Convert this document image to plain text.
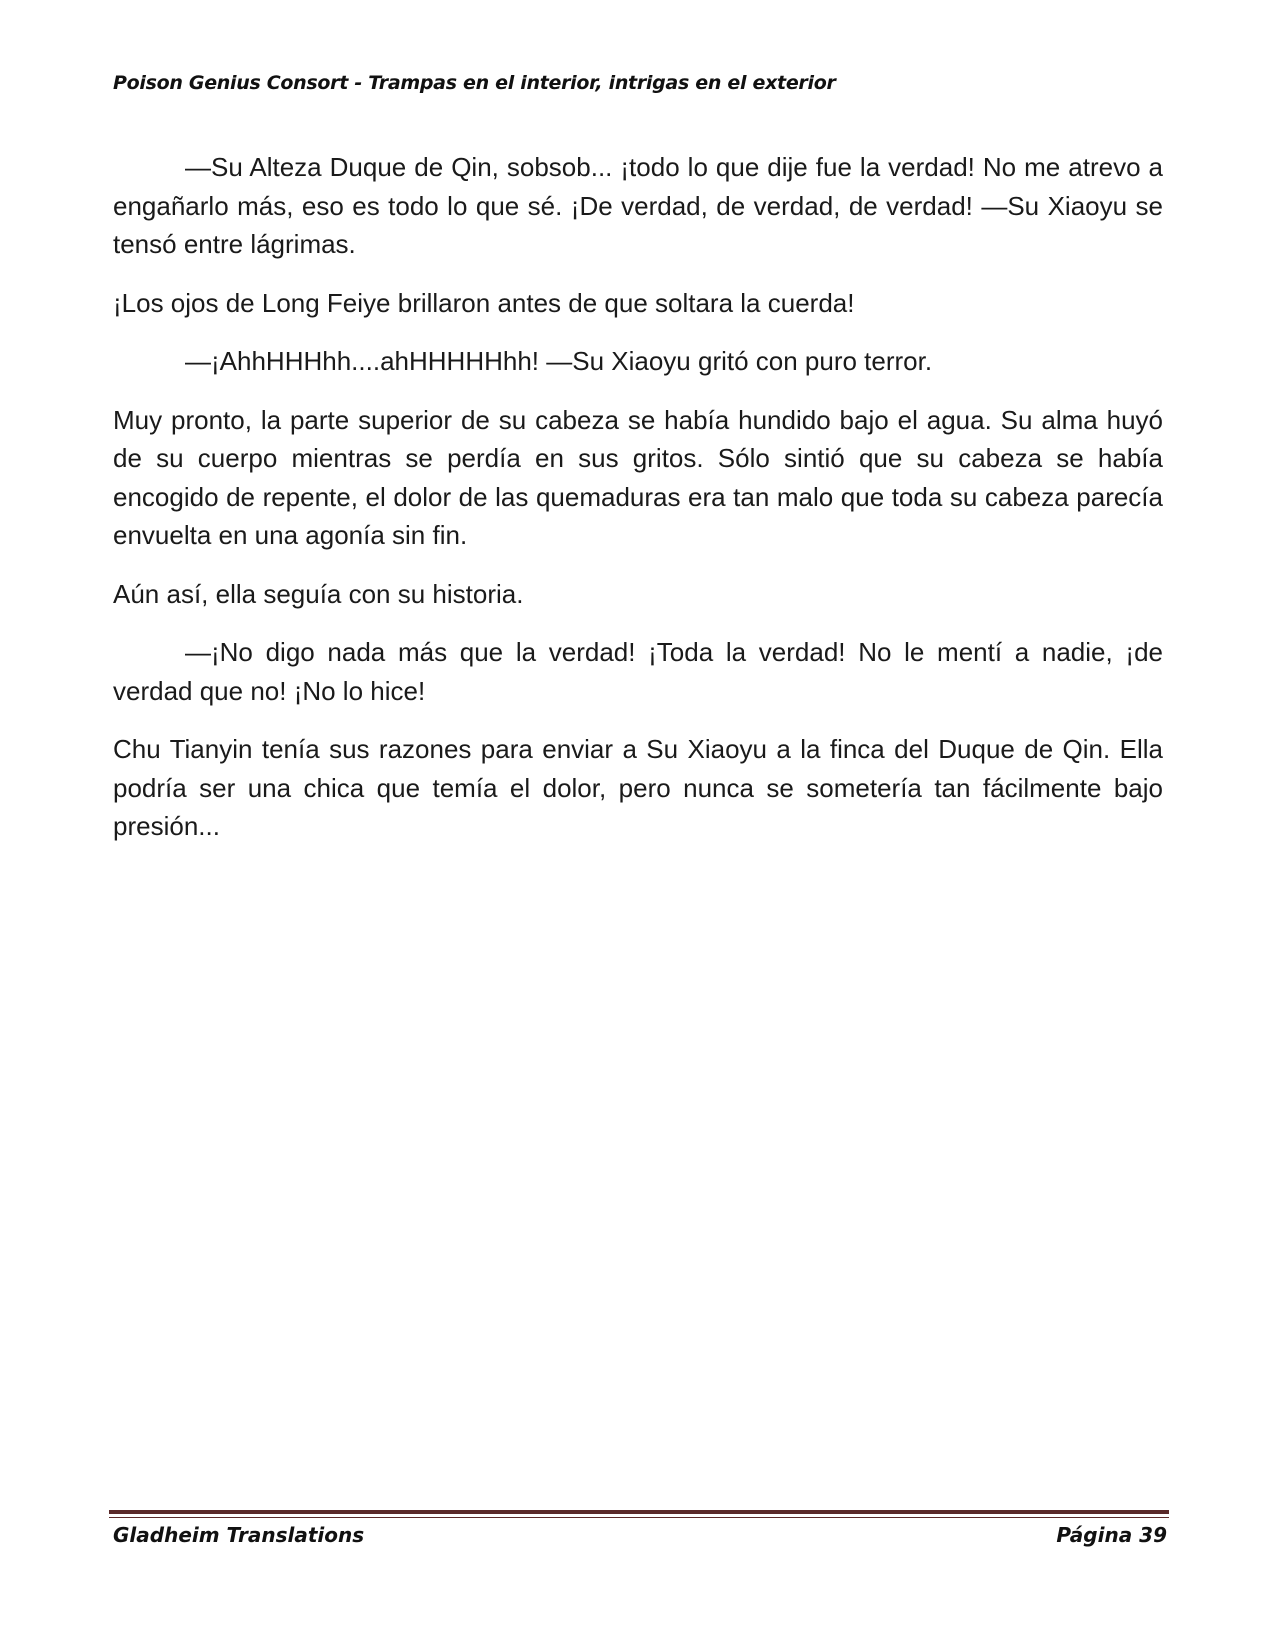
Poison Genius Consort - Trampas en el interior, intrigas en el exterior

—Su Alteza Duque de Qin, sobsob... ¡todo lo que dije fue la verdad! No me atrevo a engañarlo más, eso es todo lo que sé. ¡De verdad, de verdad, de verdad! —Su Xiaoyu se tensó entre lágrimas.

¡Los ojos de Long Feiye brillaron antes de que soltara la cuerda!

—¡AhhHHHhh....ahHHHHHhh! —Su Xiaoyu gritó con puro terror.

Muy pronto, la parte superior de su cabeza se había hundido bajo el agua. Su alma huyó de su cuerpo mientras se perdía en sus gritos. Sólo sintió que su cabeza se había encogido de repente, el dolor de las quemaduras era tan malo que toda su cabeza parecía envuelta en una agonía sin fin.

Aún así, ella seguía con su historia.

—¡No digo nada más que la verdad! ¡Toda la verdad! No le mentí a nadie, ¡de verdad que no! ¡No lo hice!

Chu Tianyin tenía sus razones para enviar a Su Xiaoyu a la finca del Duque de Qin. Ella podría ser una chica que temía el dolor, pero nunca se sometería tan fácilmente bajo presión...

Gladheim Translations	Página 39
